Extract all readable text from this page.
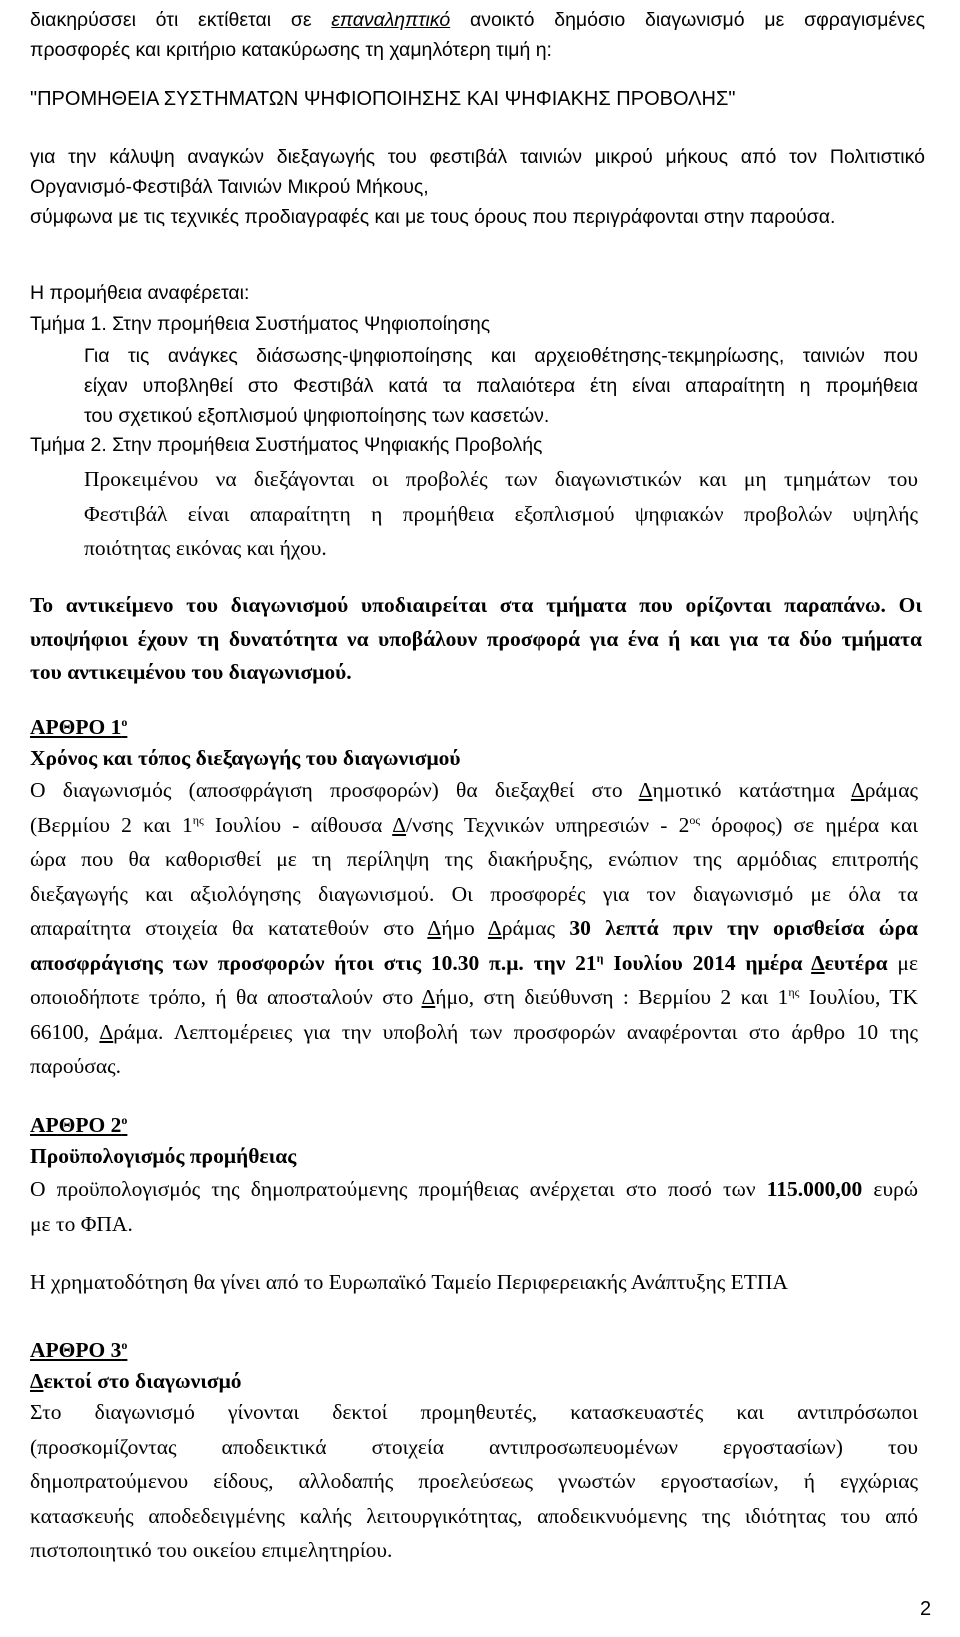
διακηρύσσει ότι εκτίθεται σε επαναληπτικό ανοικτό δημόσιο διαγωνισμό με σφραγισμένες
προσφορές και κριτήριο κατακύρωσης τη χαμηλότερη τιμή η:
"ΠΡΟΜΗΘΕΙΑ ΣΥΣΤΗΜΑΤΩΝ ΨΗΦΙΟΠΟΙΗΣΗΣ ΚΑΙ ΨΗΦΙΑΚΗΣ ΠΡΟΒΟΛΗΣ"
για την κάλυψη αναγκών διεξαγωγής του φεστιβάλ ταινιών μικρού μήκους από τον Πολιτιστικό
Οργανισμό-Φεστιβάλ Ταινιών Μικρού Μήκους,
σύμφωνα με τις τεχνικές προδιαγραφές και με τους όρους που περιγράφονται στην παρούσα.
Η προμήθεια αναφέρεται:
Τμήμα 1. Στην προμήθεια Συστήματος Ψηφιοποίησης
Για τις ανάγκες διάσωσης-ψηφιοποίησης και αρχειοθέτησης-τεκμηρίωσης, ταινιών που
είχαν υποβληθεί στο Φεστιβάλ κατά τα παλαιότερα έτη είναι απαραίτητη η προμήθεια
του σχετικού εξοπλισμού ψηφιοποίησης των κασετών.
Τμήμα 2. Στην προμήθεια Συστήματος Ψηφιακής Προβολής
Προκειμένου να διεξάγονται οι προβολές των διαγωνιστικών και μη τμημάτων του
Φεστιβάλ είναι απαραίτητη η προμήθεια εξοπλισμού ψηφιακών προβολών υψηλής
ποιότητας εικόνας και ήχου.
Το αντικείμενο του διαγωνισμού υποδιαιρείται στα τμήματα που ορίζονται παραπάνω. Οι
υποψήφιοι έχουν τη δυνατότητα να υποβάλουν προσφορά για ένα ή και για τα δύο τμήματα
του αντικειμένου του διαγωνισμού.
ΑΡΘΡΟ $1^o$
Χρόνος και τόπος διεξαγωγής του διαγωνισμού
Ο διαγωνισμός (αποσφράγιση προσφορών) θα διεξαχθεί στο Δημοτικό κατάστημα Δράμας
(Βερμίου 2 και $1^{\eta\varsigma}$ Ιουλίου - αίθουσα Δ/νσης Τεχνικών υπηρεσιών - $2^{o\varsigma}$ όροφος) σε ημέρα και
ώρα που θα καθορισθεί με τη περίληψη της διακήρυξης, ενώπιον της αρμόδιας επιτροπής
διεξαγωγής και αξιολόγησης διαγωνισμού. Οι προσφορές για τον διαγωνισμό με όλα τα
απαραίτητα στοιχεία θα κατατεθούν στο Δήμο Δράμας 30 λεπτά πριν την ορισθείσα ώρα
αποσφράγισης των προσφορών ήτοι στις 10.30 π.μ. την $21^\eta$ Ιουλίου 2014 ημέρα Δευτέρα με
οποιοδήποτε τρόπο, ή θα αποσταλούν στο Δήμο, στη διεύθυνση : Βερμίου 2 και $1^{\eta\varsigma}$ Ιουλίου, ΤΚ
66100, Δράμα. Λεπτομέρειες για την υποβολή των προσφορών αναφέρονται στο άρθρο 10 της
παρούσας.
ΑΡΘΡΟ $2^o$
Προϋπολογισμός προμήθειας
Ο προϋπολογισμός της δημοπρατούμενης προμήθειας ανέρχεται στο ποσό των 115.000,00 ευρώ
με το ΦΠΑ.
Η χρηματοδότηση θα γίνει από το Ευρωπαϊκό Ταμείο Περιφερειακής Ανάπτυξης ΕΤΠΑ
ΑΡΘΡΟ $3^o$
Δεκτοί στο διαγωνισμό
Στο διαγωνισμό γίνονται δεκτοί προμηθευτές, κατασκευαστές και αντιπρόσωποι
(προσκομίζοντας αποδεικτικά στοιχεία αντιπροσωπευομένων εργοστασίων) του
δημοπρατούμενου είδους, αλλοδαπής προελεύσεως γνωστών εργοστασίων, ή εγχώριας
κατασκευής αποδεδειγμένης καλής λειτουργικότητας, αποδεικνυόμενης της ιδιότητας του από
πιστοποιητικό του οικείου επιμελητηρίου.
2
